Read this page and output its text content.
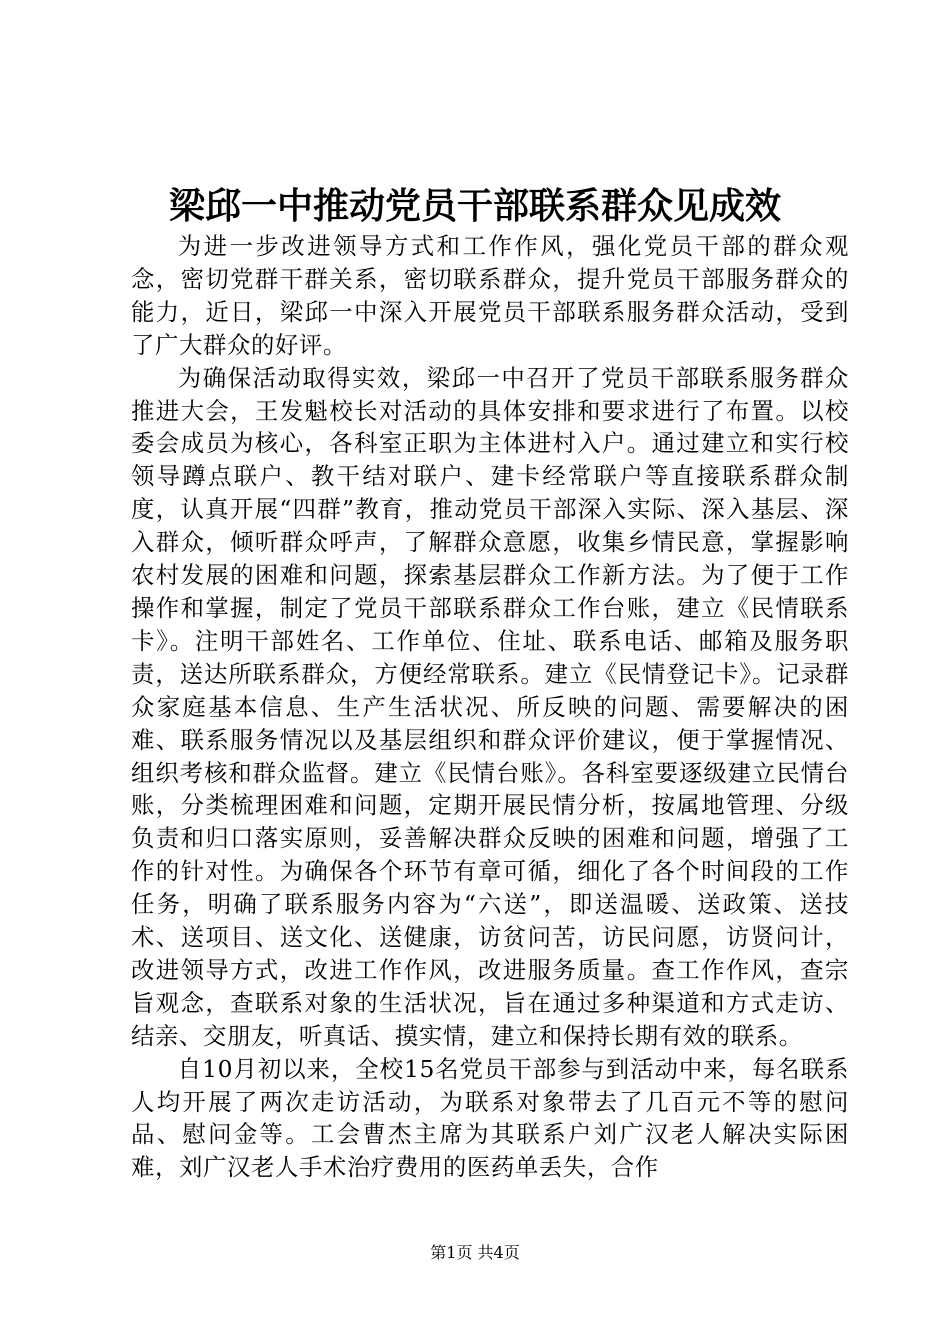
梁邱一中推动党员干部联系群众见成效

为进一步改进领导方式和工作作风，强化党员干部的群众观念，密切党群干群关系，密切联系群众，提升党员干部服务群众的能力，近日，梁邱一中深入开展党员干部联系服务群众活动，受到了广大群众的好评。

为确保活动取得实效，梁邱一中召开了党员干部联系服务群众推进大会，王发魁校长对活动的具体安排和要求进行了布置。以校委会成员为核心，各科室正职为主体进村入户。通过建立和实行校领导蹲点联户、教干结对联户、建卡经常联户等直接联系群众制度，认真开展“四群”教育，推动党员干部深入实际、深入基层、深入群众，倾听群众呼声，了解群众意愿，收集乡情民意，掌握影响农村发展的困难和问题，探索基层群众工作新方法。为了便于工作操作和掌握，制定了党员干部联系群众工作台账，建立《民情联系卡》。注明干部姓名、工作单位、住址、联系电话、邮箱及服务职责，送达所联系群众，方便经常联系。建立《民情登记卡》。记录群众家庭基本信息、生产生活状况、所反映的问题、需要解决的困难、联系服务情况以及基层组织和群众评价建议，便于掌握情况、组织考核和群众监督。建立《民情台账》。各科室要逐级建立民情台账，分类梳理困难和问题，定期开展民情分析，按属地管理、分级负责和归口落实原则，妥善解决群众反映的困难和问题，增强了工作的针对性。为确保各个环节有章可循，细化了各个时间段的工作任务，明确了联系服务内容为“六送”，即送温暖、送政策、送技术、送项目、送文化、送健康，访贫问苦，访民问愿，访贤问计，改进领导方式，改进工作作风，改进服务质量。查工作作风，查宗旨观念，查联系对象的生活状况，旨在通过多种渠道和方式走访、结亲、交朋友，听真话、摸实情，建立和保持长期有效的联系。

自10月初以来，全校15名党员干部参与到活动中来，每名联系人均开展了两次走访活动，为联系对象带去了几百元不等的慰问品、慰问金等。工会曹杰主席为其联系户刘广汉老人解决实际困难，刘广汉老人手术治疗费用的医药单丢失，合作

第1页 共4页
